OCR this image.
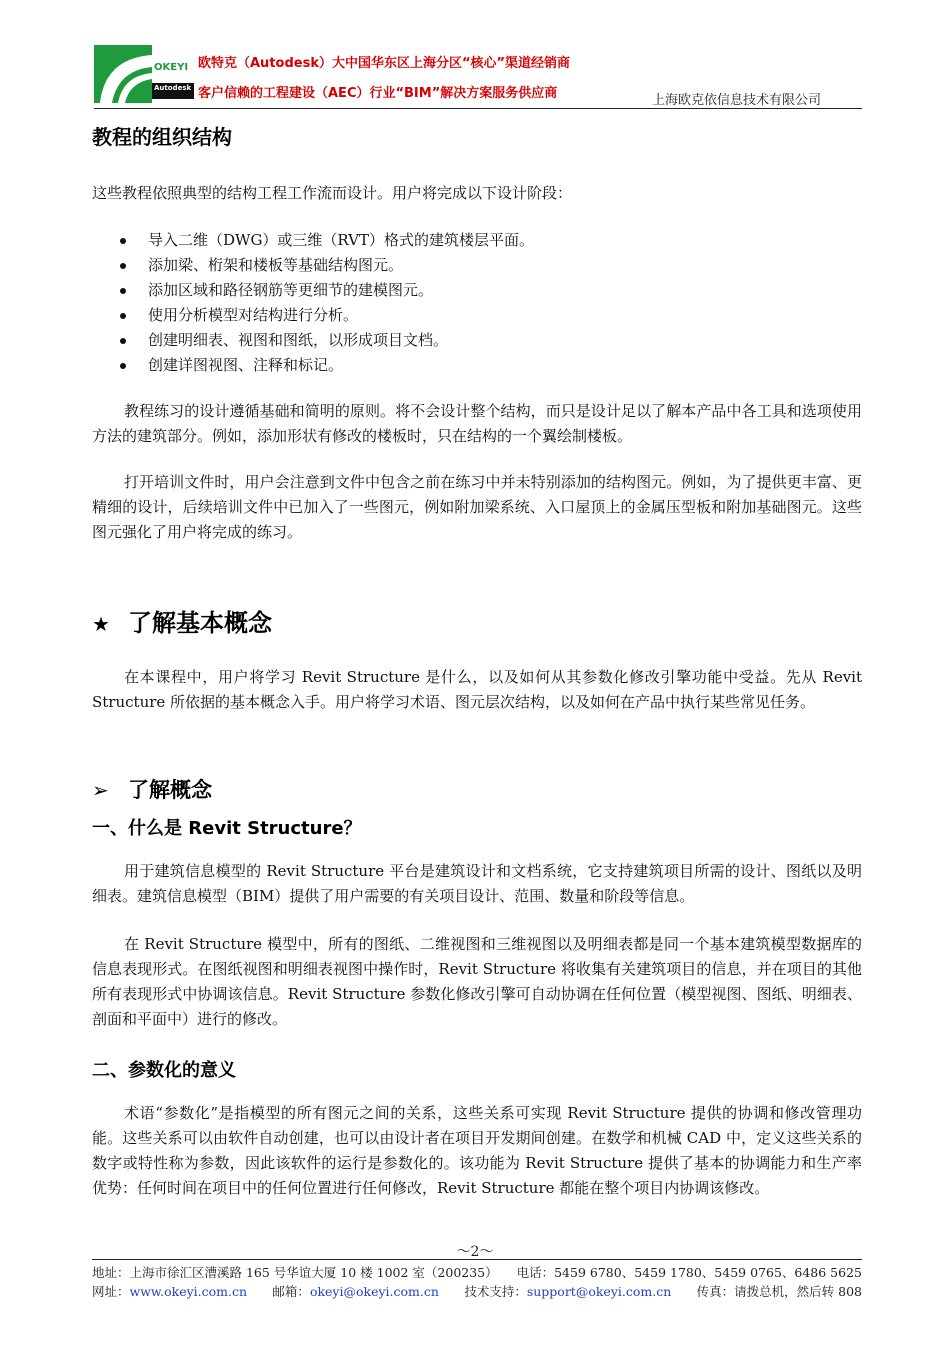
Autodesk
OKEYI 欧特克（Autodesk）大中国华东区上海分区“核心”渠道经销商
客户信赖的工程建设（AEC）行业“BIM”解决方案服务供应商	上海欧克依信息技术有限公司
教程的组织结构

这些教程依照典型的结构工程工作流而设计。用户将完成以下设计阶段：

导入二维（DWG）或三维（RVT）格式的建筑楼层平面。
添加梁、桁架和楼板等基础结构图元。
添加区域和路径钢筋等更细节的建模图元。
使用分析模型对结构进行分析。
创建明细表、视图和图纸，以形成项目文档。
创建详图视图、注释和标记。

教程练习的设计遵循基础和简明的原则。将不会设计整个结构，而只是设计足以了解本产品中各工具和选项使用方法的建筑部分。例如，添加形状有修改的楼板时，只在结构的一个翼绘制楼板。

打开培训文件时，用户会注意到文件中包含之前在练习中并未特别添加的结构图元。例如，为了提供更丰富、更精细的设计，后续培训文件中已加入了一些图元，例如附加梁系统、入口屋顶上的金属压型板和附加基础图元。这些图元强化了用户将完成的练习。

★ 了解基本概念

在本课程中，用户将学习 Revit Structure 是什么，以及如何从其参数化修改引擎功能中受益。先从 Revit Structure 所依据的基本概念入手。用户将学习术语、图元层次结构，以及如何在产品中执行某些常见任务。

➢ 了解概念
一、什么是 Revit Structure？

用于建筑信息模型的 Revit Structure 平台是建筑设计和文档系统，它支持建筑项目所需的设计、图纸以及明细表。建筑信息模型（BIM）提供了用户需要的有关项目设计、范围、数量和阶段等信息。

在 Revit Structure 模型中，所有的图纸、二维视图和三维视图以及明细表都是同一个基本建筑模型数据库的信息表现形式。在图纸视图和明细表视图中操作时，Revit Structure 将收集有关建筑项目的信息，并在项目的其他所有表现形式中协调该信息。Revit Structure 参数化修改引擎可自动协调在任何位置（模型视图、图纸、明细表、剖面和平面中）进行的修改。

二、参数化的意义

术语“参数化”是指模型的所有图元之间的关系，这些关系可实现 Revit Structure 提供的协调和修改管理功能。这些关系可以由软件自动创建，也可以由设计者在项目开发期间创建。在数学和机械 CAD 中，定义这些关系的数字或特性称为参数，因此该软件的运行是参数化的。该功能为 Revit Structure 提供了基本的协调能力和生产率优势：任何时间在项目中的任何位置进行任何修改，Revit Structure 都能在整个项目内协调该修改。

～2～
地址：上海市徐汇区漕溪路 165 号华谊大厦 10 楼 1002 室（200235） 电话：5459 6780、5459 1780、5459 0765、6486 5625
网址：www.okeyi.com.cn 邮箱：okeyi@okeyi.com.cn 技术支持：support@okeyi.com.cn 传真：请拨总机，然后转 808
